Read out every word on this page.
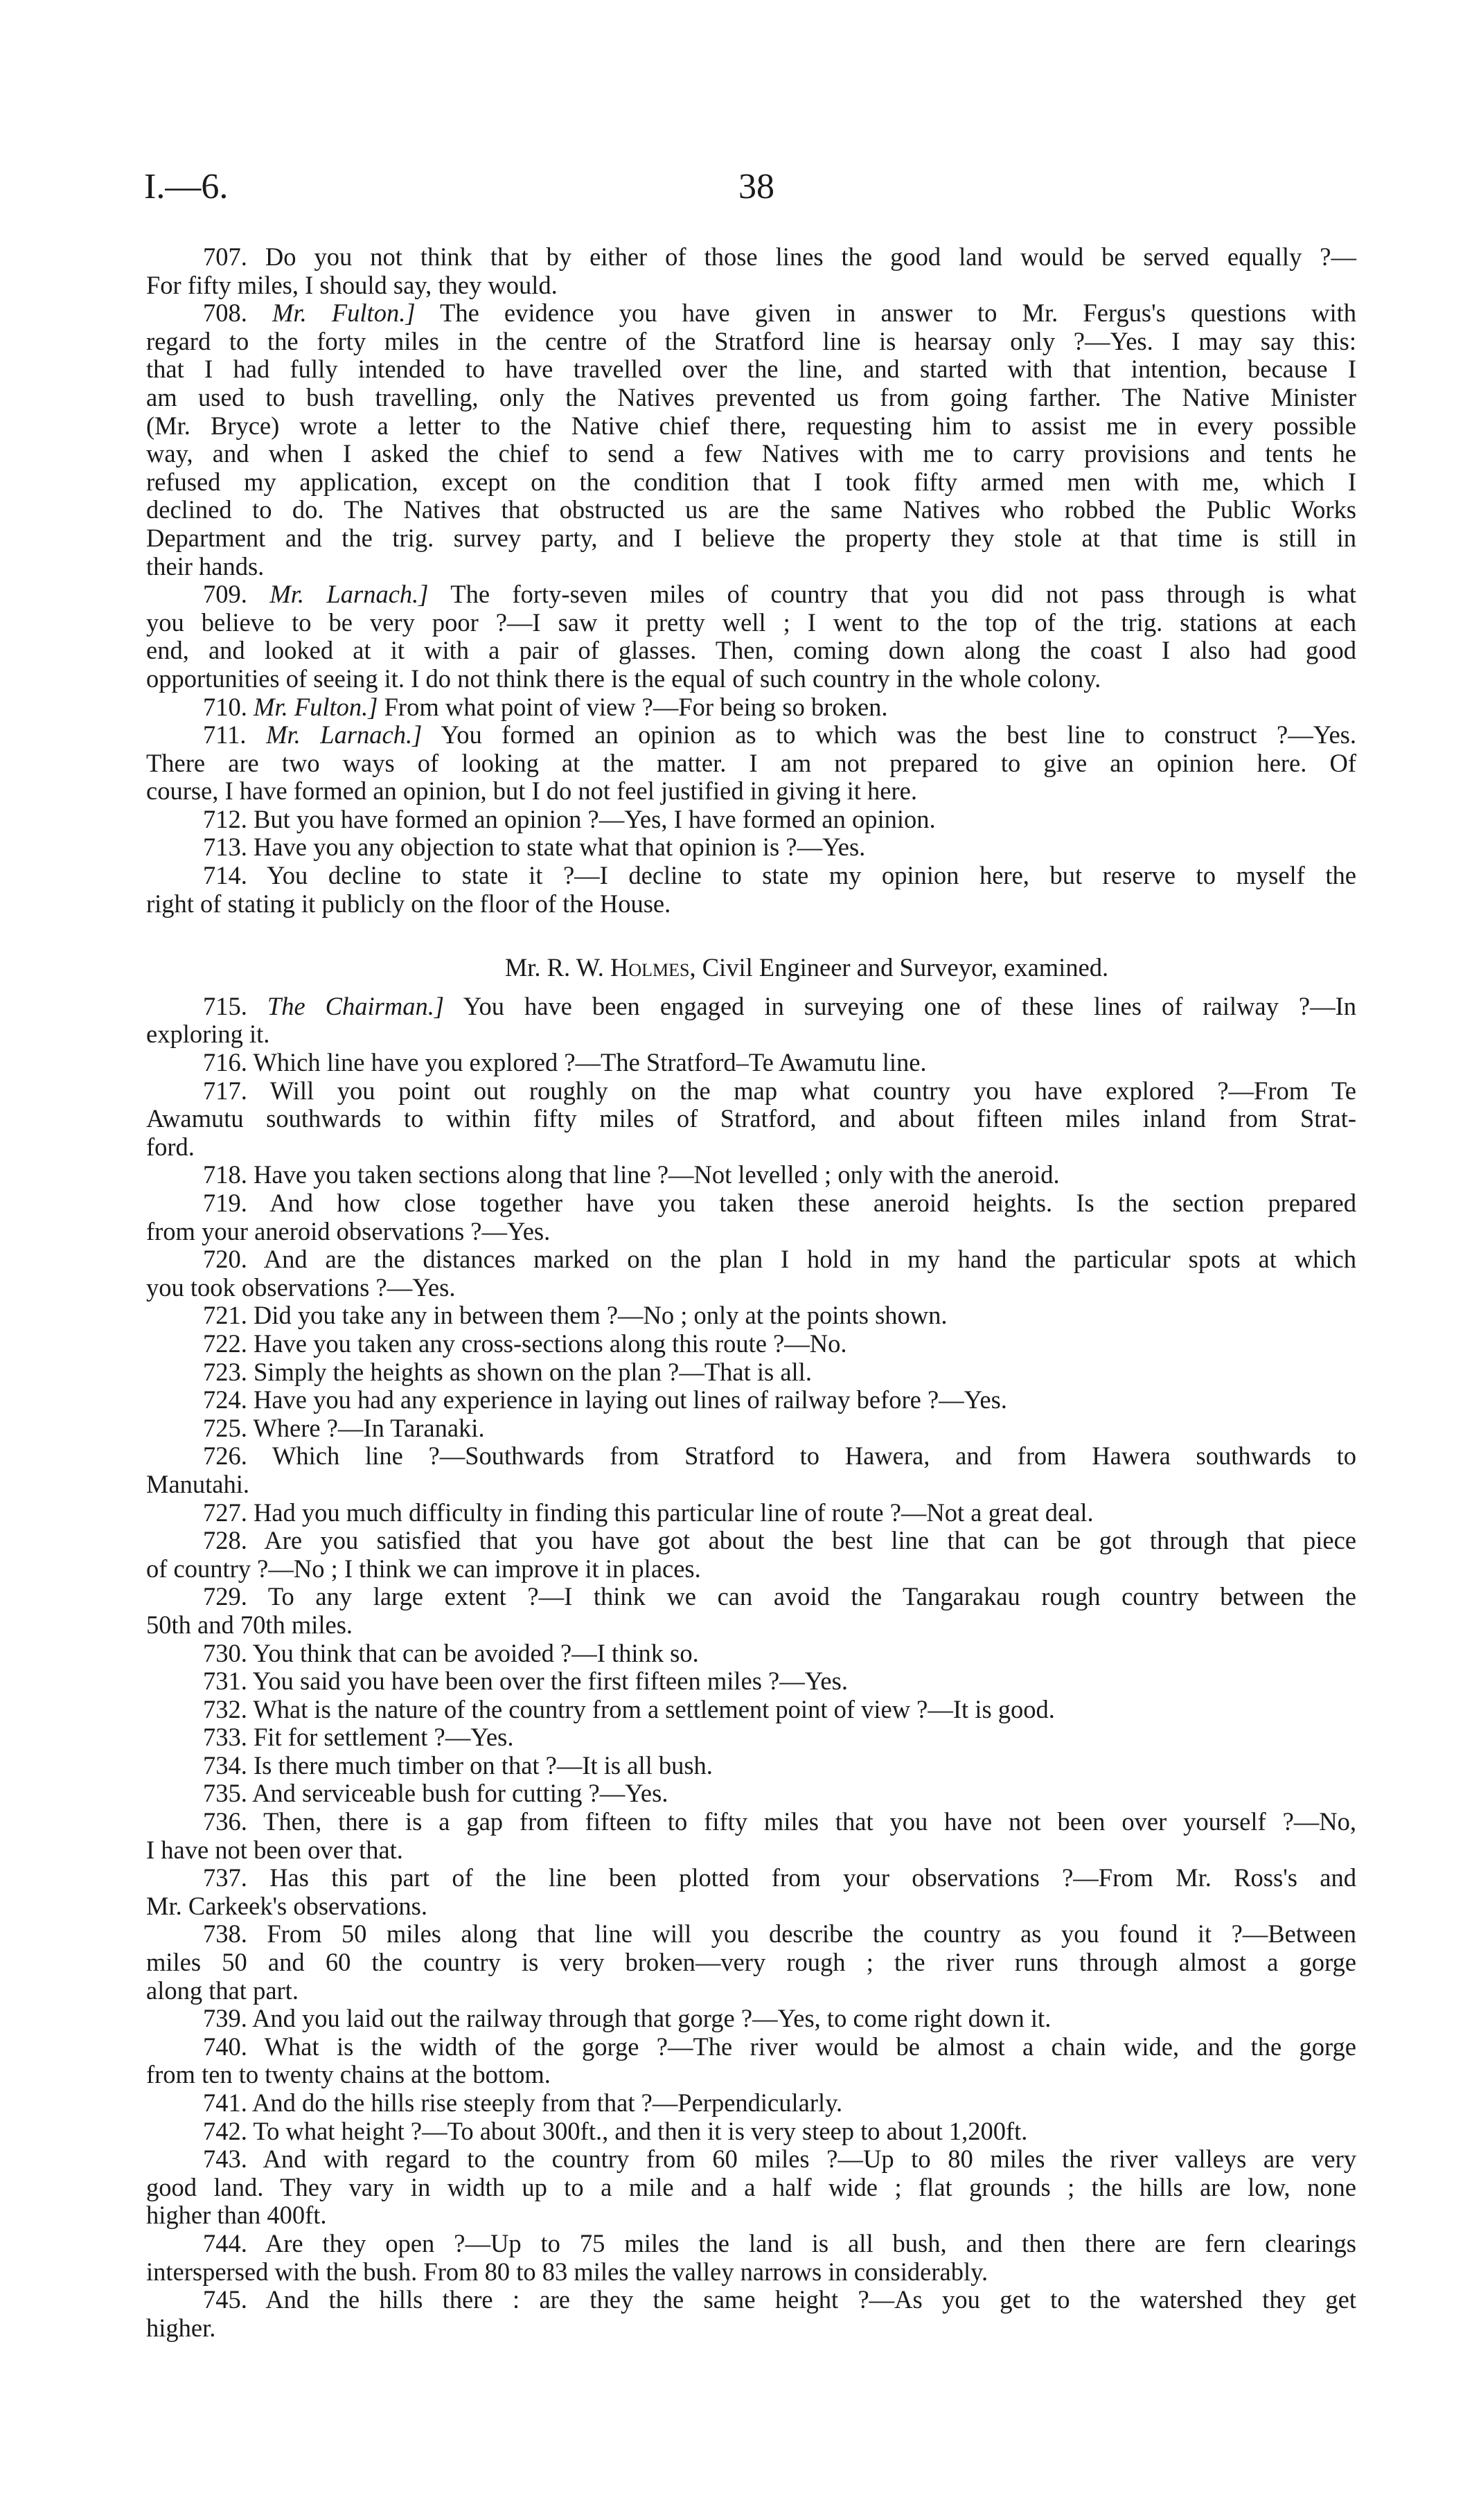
I.—6.	38
707. Do you not think that by either of those lines the good land would be served equally ?—
For fifty miles, I should say, they would.
708. Mr. Fulton.] The evidence you have given in answer to Mr. Fergus's questions with
regard to the forty miles in the centre of the Stratford line is hearsay only ?—Yes. I may say this:
that I had fully intended to have travelled over the line, and started with that intention, because I
am used to bush travelling, only the Natives prevented us from going farther. The Native Minister
(Mr. Bryce) wrote a letter to the Native chief there, requesting him to assist me in every possible
way, and when I asked the chief to send a few Natives with me to carry provisions and tents he
refused my application, except on the condition that I took fifty armed men with me, which I
declined to do. The Natives that obstructed us are the same Natives who robbed the Public Works
Department and the trig. survey party, and I believe the property they stole at that time is still in
their hands.
709. Mr. Larnach.] The forty-seven miles of country that you did not pass through is what
you believe to be very poor ?—I saw it pretty well ; I went to the top of the trig. stations at each
end, and looked at it with a pair of glasses. Then, coming down along the coast I also had good
opportunities of seeing it. I do not think there is the equal of such country in the whole colony.
710. Mr. Fulton.] From what point of view ?—For being so broken.
711. Mr. Larnach.] You formed an opinion as to which was the best line to construct ?—Yes.
There are two ways of looking at the matter. I am not prepared to give an opinion here. Of
course, I have formed an opinion, but I do not feel justified in giving it here.
712. But you have formed an opinion ?—Yes, I have formed an opinion.
713. Have you any objection to state what that opinion is ?—Yes.
714. You decline to state it ?—I decline to state my opinion here, but reserve to myself the
right of stating it publicly on the floor of the House.
Mr. R. W. Holmes, Civil Engineer and Surveyor, examined.
715. The Chairman.] You have been engaged in surveying one of these lines of railway ?—In
exploring it.
716. Which line have you explored ?—The Stratford–Te Awamutu line.
717. Will you point out roughly on the map what country you have explored ?—From Te
Awamutu southwards to within fifty miles of Stratford, and about fifteen miles inland from Strat-
ford.
718. Have you taken sections along that line ?—Not levelled ; only with the aneroid.
719. And how close together have you taken these aneroid heights. Is the section prepared
from your aneroid observations ?—Yes.
720. And are the distances marked on the plan I hold in my hand the particular spots at which
you took observations ?—Yes.
721. Did you take any in between them ?—No ; only at the points shown.
722. Have you taken any cross-sections along this route ?—No.
723. Simply the heights as shown on the plan ?—That is all.
724. Have you had any experience in laying out lines of railway before ?—Yes.
725. Where ?—In Taranaki.
726. Which line ?—Southwards from Stratford to Hawera, and from Hawera southwards to
Manutahi.
727. Had you much difficulty in finding this particular line of route ?—Not a great deal.
728. Are you satisfied that you have got about the best line that can be got through that piece
of country ?—No ; I think we can improve it in places.
729. To any large extent ?—I think we can avoid the Tangarakau rough country between the
50th and 70th miles.
730. You think that can be avoided ?—I think so.
731. You said you have been over the first fifteen miles ?—Yes.
732. What is the nature of the country from a settlement point of view ?—It is good.
733. Fit for settlement ?—Yes.
734. Is there much timber on that ?—It is all bush.
735. And serviceable bush for cutting ?—Yes.
736. Then, there is a gap from fifteen to fifty miles that you have not been over yourself ?—No,
I have not been over that.
737. Has this part of the line been plotted from your observations ?—From Mr. Ross's and
Mr. Carkeek's observations.
738. From 50 miles along that line will you describe the country as you found it ?—Between
miles 50 and 60 the country is very broken—very rough ; the river runs through almost a gorge
along that part.
739. And you laid out the railway through that gorge ?—Yes, to come right down it.
740. What is the width of the gorge ?—The river would be almost a chain wide, and the gorge
from ten to twenty chains at the bottom.
741. And do the hills rise steeply from that ?—Perpendicularly.
742. To what height ?—To about 300ft., and then it is very steep to about 1,200ft.
743. And with regard to the country from 60 miles ?—Up to 80 miles the river valleys are very
good land. They vary in width up to a mile and a half wide ; flat grounds ; the hills are low, none
higher than 400ft.
744. Are they open ?—Up to 75 miles the land is all bush, and then there are fern clearings
interspersed with the bush. From 80 to 83 miles the valley narrows in considerably.
745. And the hills there : are they the same height ?—As you get to the watershed they get
higher.
